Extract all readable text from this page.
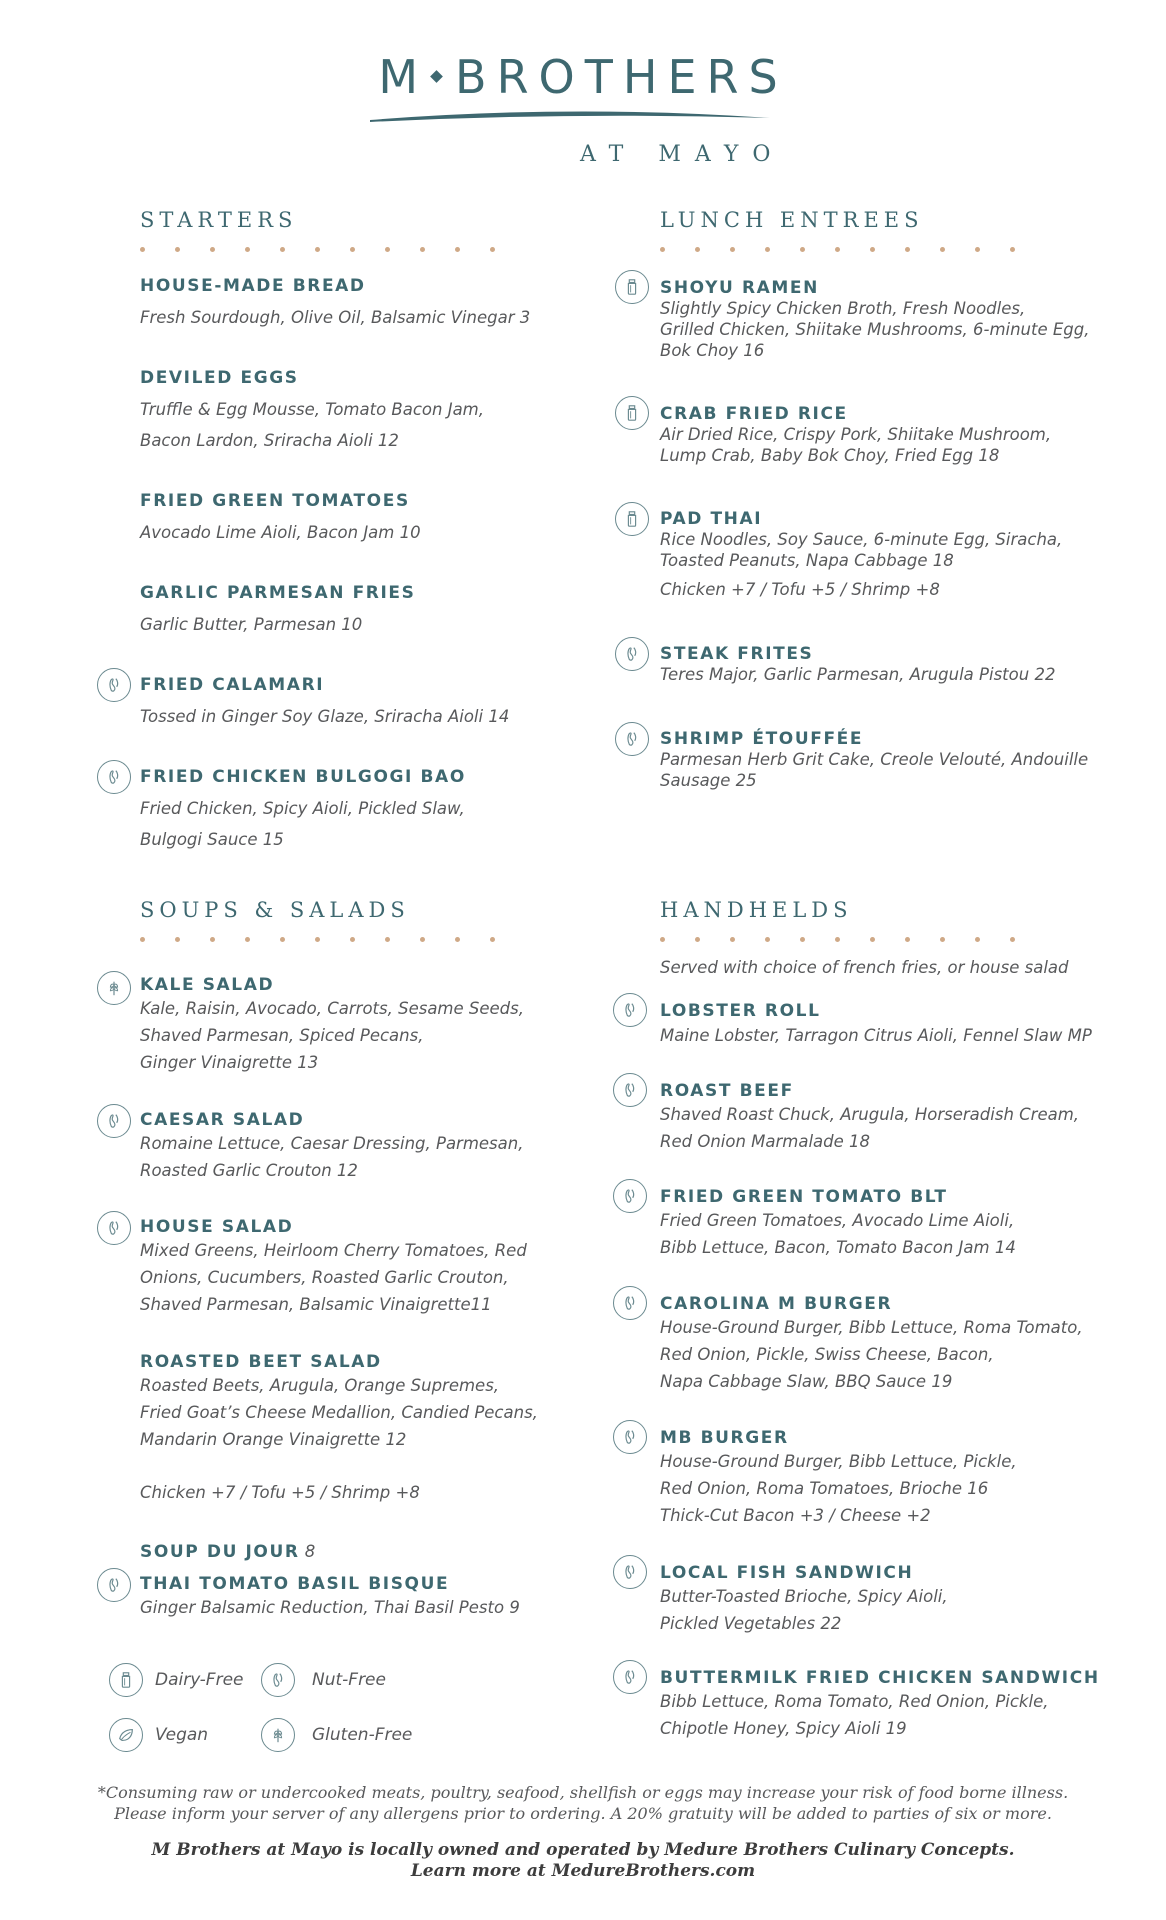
M BROTHERS
AT MAYO
STARTERS	LUNCH ENTREES
SOUPS & SALADS	HANDHELDS
HOUSE-MADE BREAD
Fresh Sourdough, Olive Oil, Balsamic Vinegar 3
DEVILED EGGS
Truffle & Egg Mousse, Tomato Bacon Jam,
Bacon Lardon, Sriracha Aioli 12
FRIED GREEN TOMATOES
Avocado Lime Aioli, Bacon Jam 10
GARLIC PARMESAN FRIES
Garlic Butter, Parmesan 10
FRIED CALAMARI
Tossed in Ginger Soy Glaze, Sriracha Aioli 14
FRIED CHICKEN BULGOGI BAO
Fried Chicken, Spicy Aioli, Pickled Slaw,
Bulgogi Sauce 15
SHOYU RAMEN
Slightly Spicy Chicken Broth, Fresh Noodles,
Grilled Chicken, Shiitake Mushrooms, 6-minute Egg,
Bok Choy 16
CRAB FRIED RICE
Air Dried Rice, Crispy Pork, Shiitake Mushroom,
Lump Crab, Baby Bok Choy, Fried Egg 18
PAD THAI
Rice Noodles, Soy Sauce, 6-minute Egg, Siracha,
Toasted Peanuts, Napa Cabbage 18
Chicken +7 / Tofu +5 / Shrimp +8
STEAK FRITES
Teres Major, Garlic Parmesan, Arugula Pistou 22
SHRIMP ÉTOUFFÉE
Parmesan Herb Grit Cake, Creole Velouté, Andouille
Sausage 25
KALE SALAD
Kale, Raisin, Avocado, Carrots, Sesame Seeds,
Shaved Parmesan, Spiced Pecans,
Ginger Vinaigrette 13
CAESAR SALAD
Romaine Lettuce, Caesar Dressing, Parmesan,
Roasted Garlic Crouton 12
HOUSE SALAD
Mixed Greens, Heirloom Cherry Tomatoes, Red
Onions, Cucumbers, Roasted Garlic Crouton,
Shaved Parmesan, Balsamic Vinaigrette11
ROASTED BEET SALAD
Roasted Beets, Arugula, Orange Supremes,
Fried Goat’s Cheese Medallion, Candied Pecans,
Mandarin Orange Vinaigrette 12
Chicken +7 / Tofu +5 / Shrimp +8
SOUP DU JOUR 8
THAI TOMATO BASIL BISQUE
Ginger Balsamic Reduction, Thai Basil Pesto 9
Served with choice of french fries, or house salad
LOBSTER ROLL
Maine Lobster, Tarragon Citrus Aioli, Fennel Slaw MP
ROAST BEEF
Shaved Roast Chuck, Arugula, Horseradish Cream,
Red Onion Marmalade 18
FRIED GREEN TOMATO BLT
Fried Green Tomatoes, Avocado Lime Aioli,
Bibb Lettuce, Bacon, Tomato Bacon Jam 14
CAROLINA M BURGER
House-Ground Burger, Bibb Lettuce, Roma Tomato,
Red Onion, Pickle, Swiss Cheese, Bacon,
Napa Cabbage Slaw, BBQ Sauce 19
MB BURGER
House-Ground Burger, Bibb Lettuce, Pickle,
Red Onion, Roma Tomatoes, Brioche 16
Thick-Cut Bacon +3 / Cheese +2
LOCAL FISH SANDWICH
Butter-Toasted Brioche, Spicy Aioli,
Pickled Vegetables 22
BUTTERMILK FRIED CHICKEN SANDWICH
Bibb Lettuce, Roma Tomato, Red Onion, Pickle,
Chipotle Honey, Spicy Aioli 19
Dairy-Free	Nut-Free
Vegan	Gluten-Free
*Consuming raw or undercooked meats, poultry, seafood, shellfish or eggs may increase your risk of food borne illness.
Please inform your server of any allergens prior to ordering. A 20% gratuity will be added to parties of six or more.
M Brothers at Mayo is locally owned and operated by Medure Brothers Culinary Concepts.
Learn more at MedureBrothers.com
